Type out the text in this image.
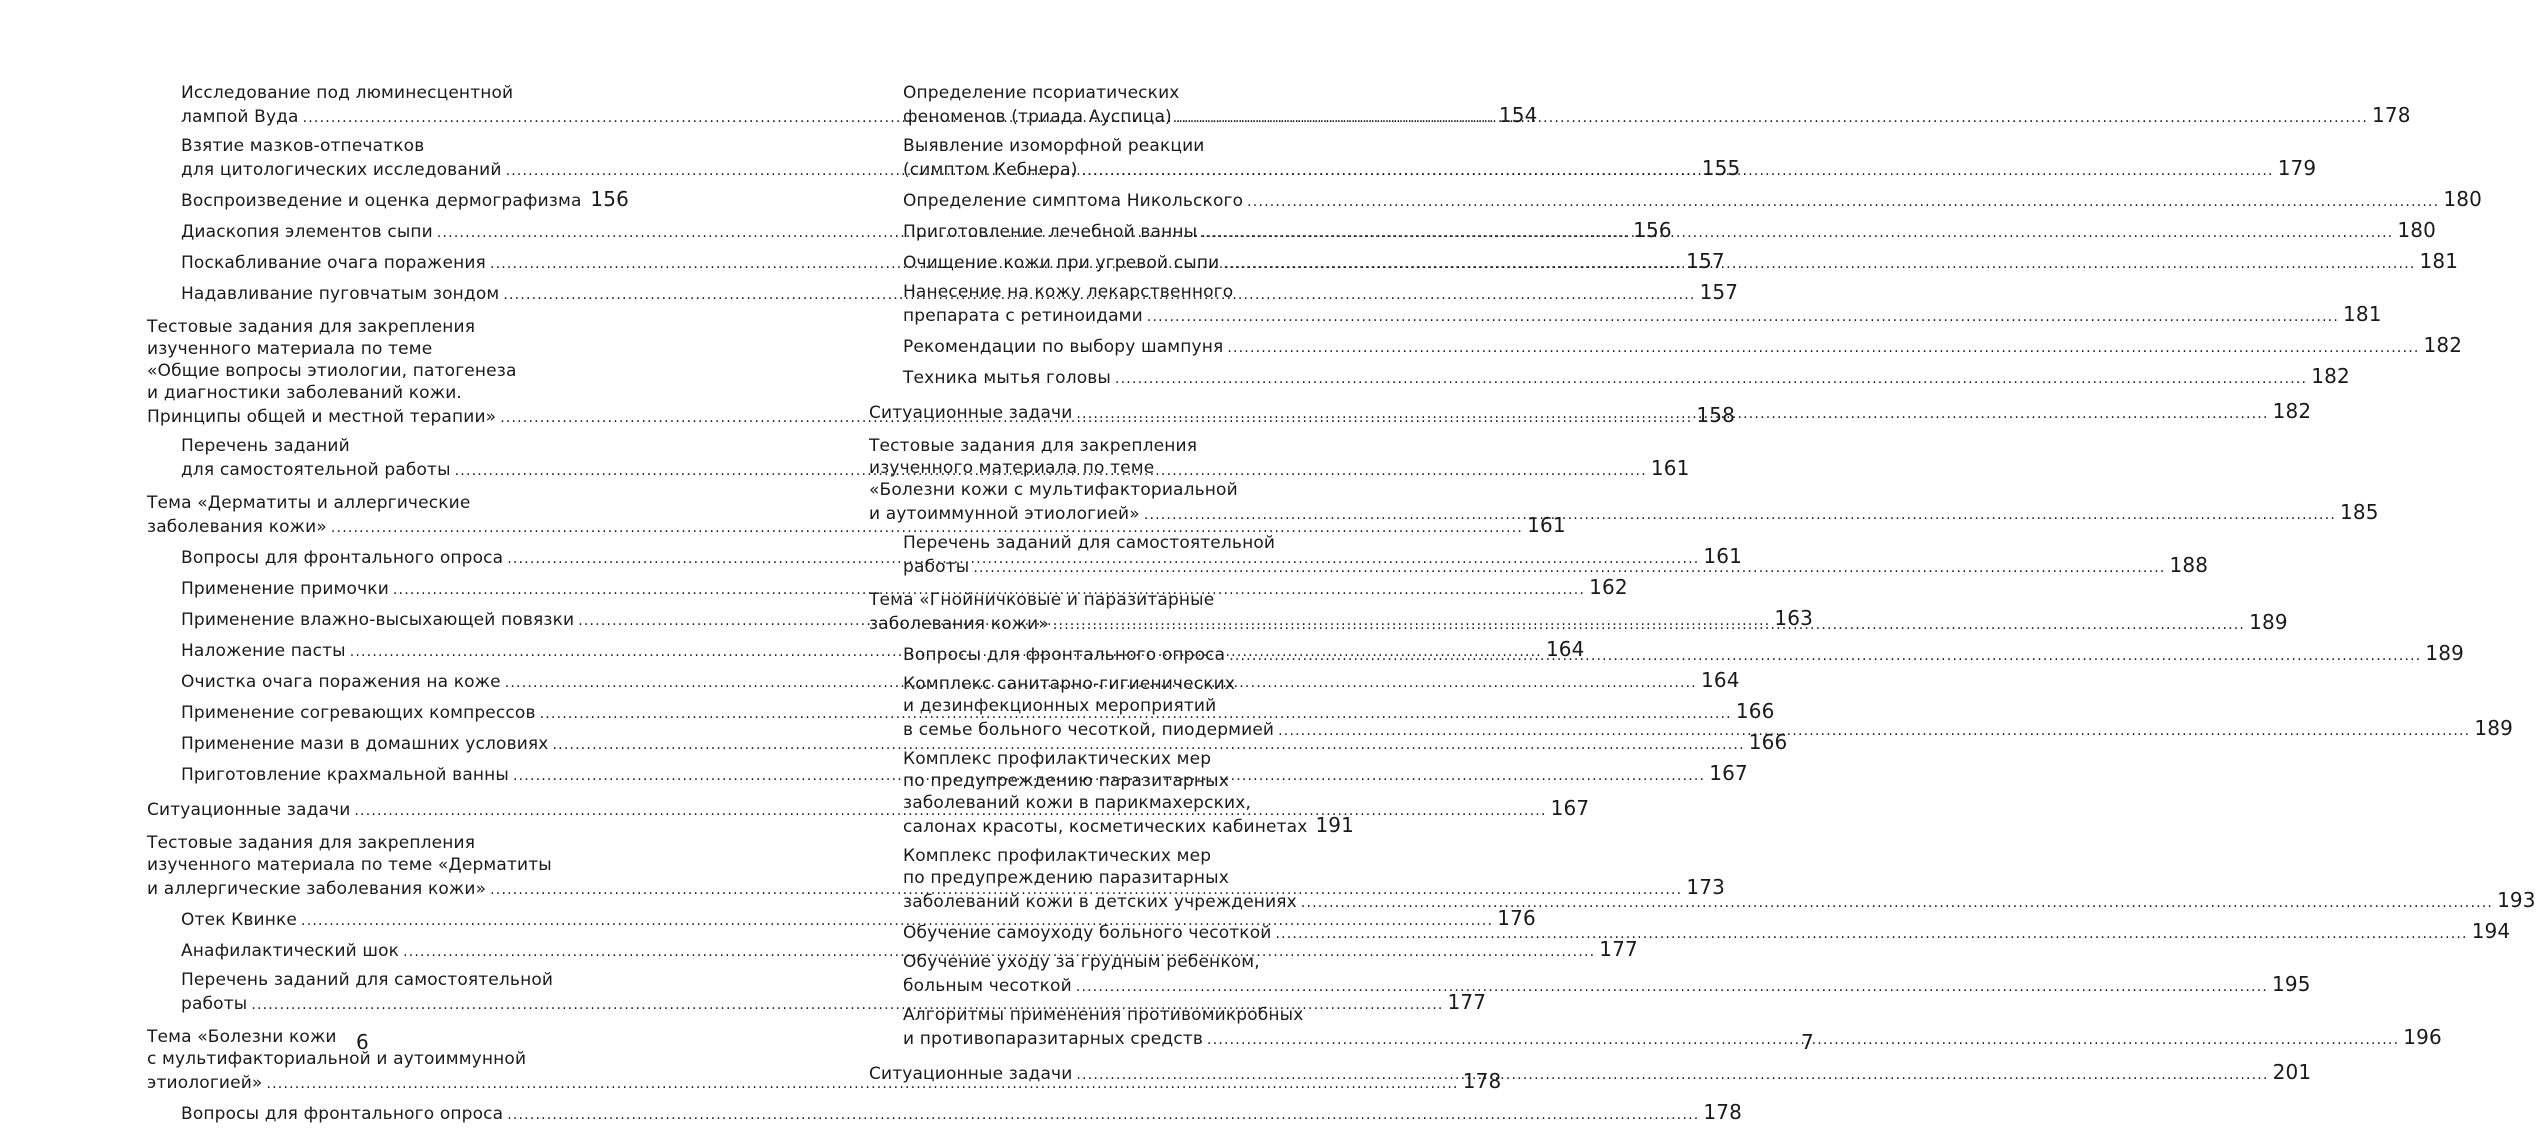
Исследование под люминесцентной
лампой Вуда .....	154
Взятие мазков-отпечатков
для цитологических исследований .....	155
Воспроизведение и оценка дермографизма ..... 156
Диаскопия элементов сыпи .....	156
Поскабливание очага поражения .....	157
Надавливание пуговчатым зондом .....	157
Тестовые задания для закрепления
изученного материала по теме
«Общие вопросы этиологии, патогенеза
и диагностики заболеваний кожи.
Принципы общей и местной терапии» .....	158
Перечень заданий
для самостоятельной работы .....	161
Тема «Дерматиты и аллергические
заболевания кожи» .....	161
Вопросы для фронтального опроса .....	161
Применение примочки .....	162
Применение влажно-высыхающей повязки .....	163
Наложение пасты .....	164
Очистка очага поражения на коже .....	164
Применение согревающих компрессов .....	166
Применение мази в домашних условиях .....	166
Приготовление крахмальной ванны .....	167
Ситуационные задачи .....	167
Тестовые задания для закрепления
изученного материала по теме «Дерматиты
и аллергические заболевания кожи» .....	173
Отек Квинке .....	176
Анафилактический шок .....	177
Перечень заданий для самостоятельной
работы .....	177
Тема «Болезни кожи
с мультифакториальной и аутоиммунной
этиологией» .....	178
Вопросы для фронтального опроса .....	178
6	7
Определение псориатических
феноменов (триада Ауспица) .....	178
Выявление изоморфной реакции
(симптом Кебнера) .....	179
Определение симптома Никольского .....	180
Приготовление лечебной ванны .....	180
Очищение кожи при угревой сыпи .....	181
Нанесение на кожу лекарственного
препарата с ретиноидами .....	181
Рекомендации по выбору шампуня .....	182
Техника мытья головы .....	182
Ситуационные задачи .....	182
Тестовые задания для закрепления
изученного материала по теме
«Болезни кожи с мультифакториальной
и аутоиммунной этиологией» .....	185
Перечень заданий для самостоятельной
работы .....	188
Тема «Гнойничковые и паразитарные
заболевания кожи» .....	189
Вопросы для фронтального опроса .....	189
Комплекс санитарно-гигиенических
и дезинфекционных мероприятий
в семье больного чесоткой, пиодермией .....	189
Комплекс профилактических мер
по предупреждению паразитарных
заболеваний кожи в парикмахерских,
салонах красоты, косметических кабинетах 191
Комплекс профилактических мер
по предупреждению паразитарных
заболеваний кожи в детских учреждениях .....	193
Обучение самоуходу больного чесоткой .....	194
Обучение уходу за грудным ребенком,
больным чесоткой .....	195
Алгоритмы применения противомикробных
и противопаразитарных средств .....	196
Ситуационные задачи .....	201
